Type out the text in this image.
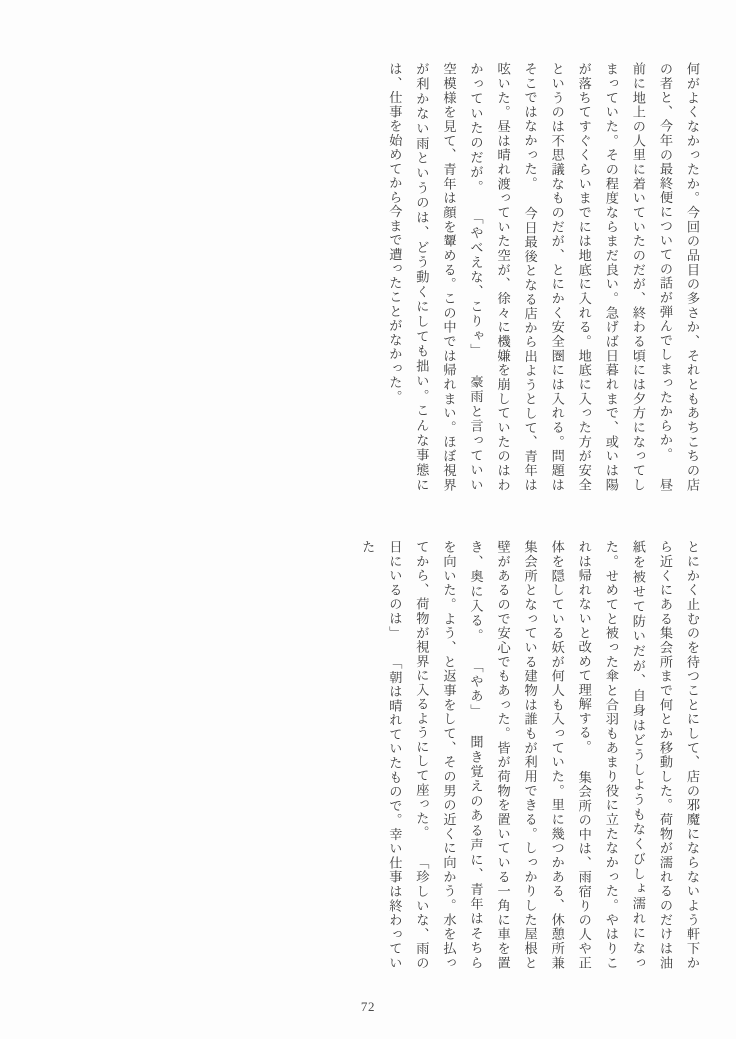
何がよくなかったか。今回の品目の多さか、それともあちこちの店の者と、今年の最終便についての話が弾んでしまったからか。 昼前に地上の人里に着いていたのだが、終わる頃には夕方になってしまっていた。その程度ならまだ良い。急げば日暮れまで、或いは陽が落ちてすぐくらいまでには地底に入れる。地底に入った方が安全というのは不思議なものだが、とにかく安全圏には入れる。問題はそこではなかった。 今日最後となる店から出ようとして、青年は呟いた。昼は晴れ渡っていた空が、徐々に機嫌を崩していたのはわかっていたのだが。 「やべえな、こりゃ」 豪雨と言っていい空模様を見て、青年は顔を顰める。この中では帰れまい。ほぼ視界が利かない雨というのは、どう動くにしても拙い。こんな事態には、仕事を始めてから今まで遭ったことがなかった。
とにかく止むのを待つことにして、店の邪魔にならないよう軒下から近くにある集会所まで何とか移動した。荷物が濡れるのだけは油紙を被せて防いだが、自身はどうしようもなくびしょ濡れになった。せめてと被った傘と合羽もあまり役に立たなかった。やはりこれは帰れないと改めて理解する。 集会所の中は、雨宿りの人や正体を隠している妖が何人も入っていた。里に幾つかある、休憩所兼集会所となっている建物は誰もが利用できる。しっかりした屋根と壁があるので安心でもあった。皆が荷物を置いている一角に車を置き、奥に入る。 「やあ」 聞き覚えのある声に、青年はそちらを向いた。よう、と返事をして、その男の近くに向かう。水を払ってから、荷物が視界に入るようにして座った。 「珍しいな、雨の日にいるのは」 「朝は晴れていたもので。幸い仕事は終わっていた
72
